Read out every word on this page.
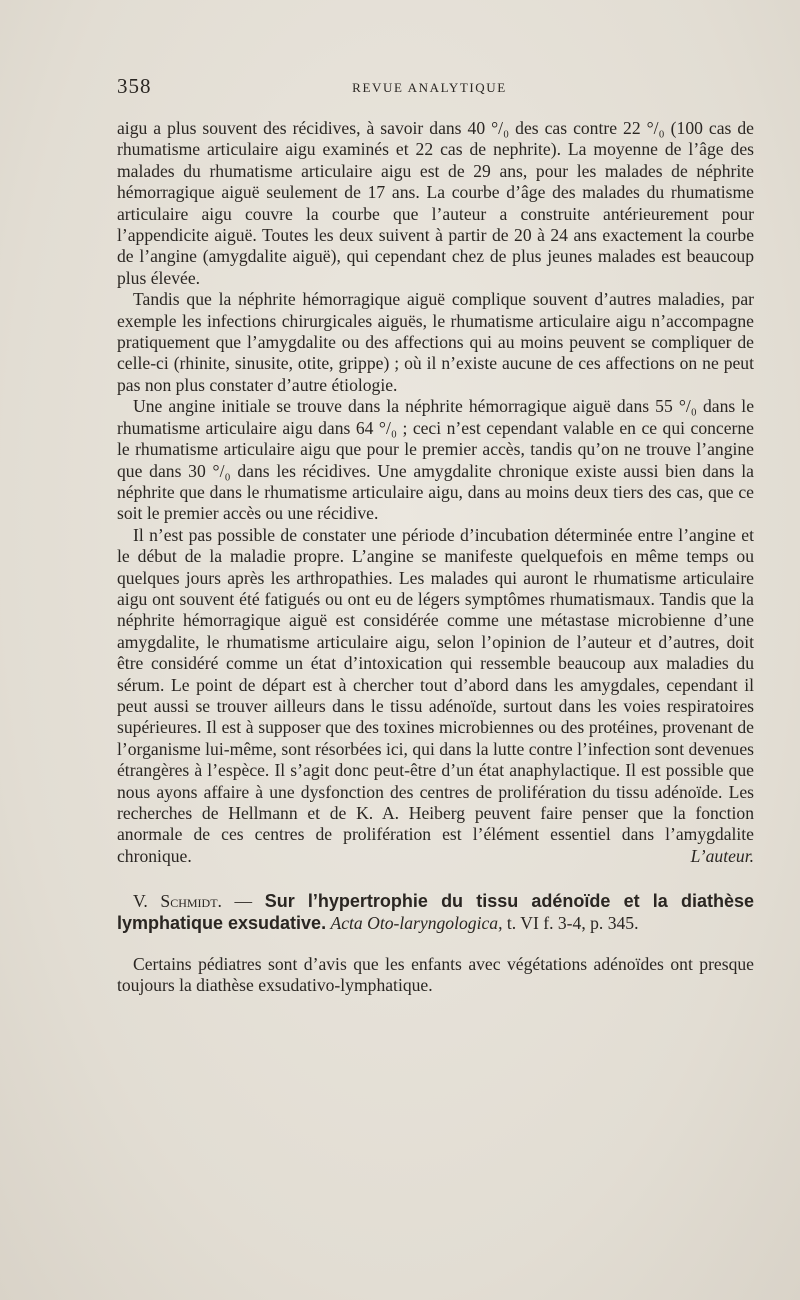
358	REVUE ANALYTIQUE

aigu a plus souvent des récidives, à savoir dans 40 °/₀ des cas contre 22 °/₀ (100 cas de rhumatisme articulaire aigu examinés et 22 cas de nephrite). La moyenne de l’âge des malades du rhumatisme articulaire aigu est de 29 ans, pour les malades de néphrite hémorragique aiguë seulement de 17 ans. La courbe d’âge des malades du rhumatisme articulaire aigu couvre la courbe que l’auteur a construite antérieurement pour l’appendicite aiguë. Toutes les deux suivent à partir de 20 à 24 ans exactement la courbe de l’angine (amygdalite aiguë), qui cependant chez de plus jeunes malades est beaucoup plus élevée.

Tandis que la néphrite hémorragique aiguë complique souvent d’autres maladies, par exemple les infections chirurgicales aiguës, le rhumatisme articulaire aigu n’accompagne pratiquement que l’amygdalite ou des affections qui au moins peuvent se compliquer de celle-ci (rhinite, sinusite, otite, grippe) ; où il n’existe aucune de ces affections on ne peut pas non plus constater d’autre étiologie.

Une angine initiale se trouve dans la néphrite hémorragique aiguë dans 55 °/₀ dans le rhumatisme articulaire aigu dans 64 °/₀ ; ceci n’est cependant valable en ce qui concerne le rhumatisme articulaire aigu que pour le premier accès, tandis qu’on ne trouve l’angine que dans 30 °/₀ dans les récidives. Une amygdalite chronique existe aussi bien dans la néphrite que dans le rhumatisme articulaire aigu, dans au moins deux tiers des cas, que ce soit le premier accès ou une récidive.

Il n’est pas possible de constater une période d’incubation déterminée entre l’angine et le début de la maladie propre. L’angine se manifeste quelquefois en même temps ou quelques jours après les arthropathies. Les malades qui auront le rhumatisme articulaire aigu ont souvent été fatigués ou ont eu de légers symptômes rhumatismaux. Tandis que la néphrite hémorragique aiguë est considérée comme une métastase microbienne d’une amygdalite, le rhumatisme articulaire aigu, selon l’opinion de l’auteur et d’autres, doit être considéré comme un état d’intoxication qui ressemble beaucoup aux maladies du sérum. Le point de départ est à chercher tout d’abord dans les amygdales, cependant il peut aussi se trouver ailleurs dans le tissu adénoïde, surtout dans les voies respiratoires supérieures. Il est à supposer que des toxines microbiennes ou des protéines, provenant de l’organisme lui-même, sont résorbées ici, qui dans la lutte contre l’infection sont devenues étrangères à l’espèce. Il s’agit donc peut-être d’un état anaphylactique. Il est possible que nous ayons affaire à une dysfonction des centres de prolifération du tissu adénoïde. Les recherches de Hellmann et de K. A. Heiberg peuvent faire penser que la fonction anormale de ces centres de prolifération est l’élément essentiel dans l’amygdalite chronique.	L’auteur.

V. Schmidt. — Sur l’hypertrophie du tissu adénoïde et la diathèse lymphatique exsudative. Acta Oto-laryngologica, t. VI f. 3-4, p. 345.

Certains pédiatres sont d’avis que les enfants avec végétations adénoïdes ont presque toujours la diathèse exsudativo-lymphatique.
